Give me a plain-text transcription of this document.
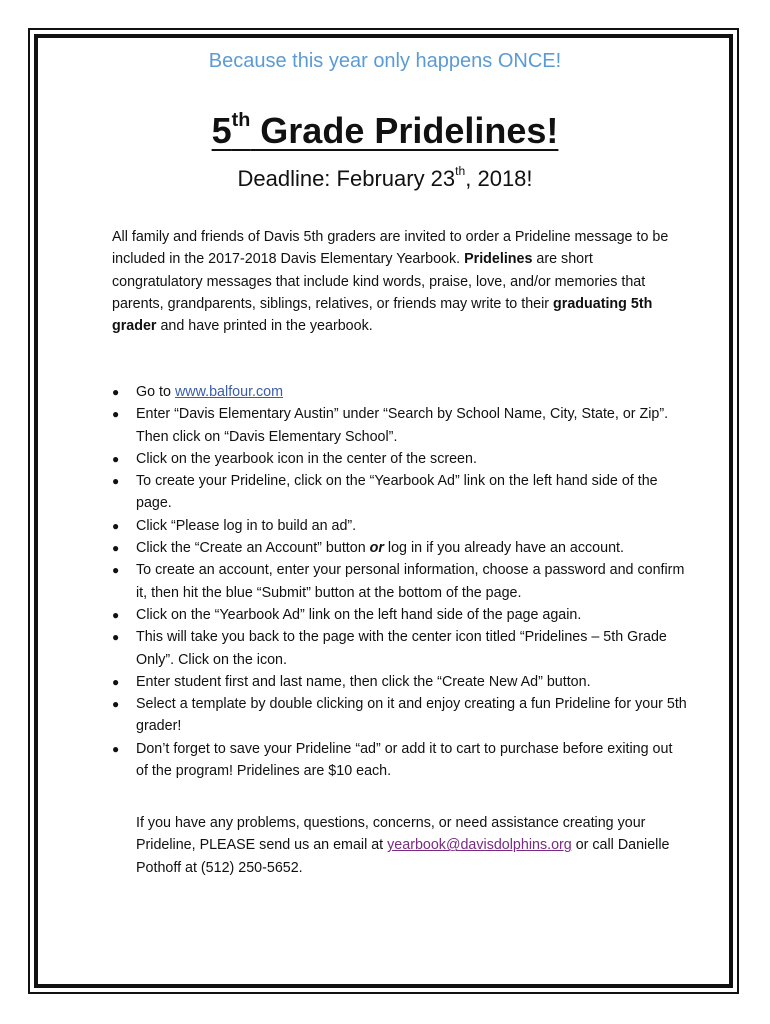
Because this year only happens ONCE!
5th Grade Pridelines!
Deadline: February 23th, 2018!

All family and friends of Davis 5th graders are invited to order a Prideline message to be included in the 2017-2018 Davis Elementary Yearbook. Pridelines are short congratulatory messages that include kind words, praise, love, and/or memories that parents, grandparents, siblings, relatives, or friends may write to their graduating 5th grader and have printed in the yearbook.

●	Go to www.balfour.com
●	Enter “Davis Elementary Austin” under “Search by School Name, City, State, or Zip”. Then click on “Davis Elementary School”.
●	Click on the yearbook icon in the center of the screen.
●	To create your Prideline, click on the “Yearbook Ad” link on the left hand side of the page.
●	Click “Please log in to build an ad”.
●	Click the “Create an Account” button or log in if you already have an account.
●	To create an account, enter your personal information, choose a password and confirm it, then hit the blue “Submit” button at the bottom of the page.
●	Click on the “Yearbook Ad” link on the left hand side of the page again.
●	This will take you back to the page with the center icon titled “Pridelines – 5th Grade Only”. Click on the icon.
●	Enter student first and last name, then click the “Create New Ad” button.
●	Select a template by double clicking on it and enjoy creating a fun Prideline for your 5th grader!
●	Don’t forget to save your Prideline “ad” or add it to cart to purchase before exiting out of the program! Pridelines are $10 each.

If you have any problems, questions, concerns, or need assistance creating your Prideline, PLEASE send us an email at yearbook@davisdolphins.org or call Danielle Pothoff at (512) 250-5652.
